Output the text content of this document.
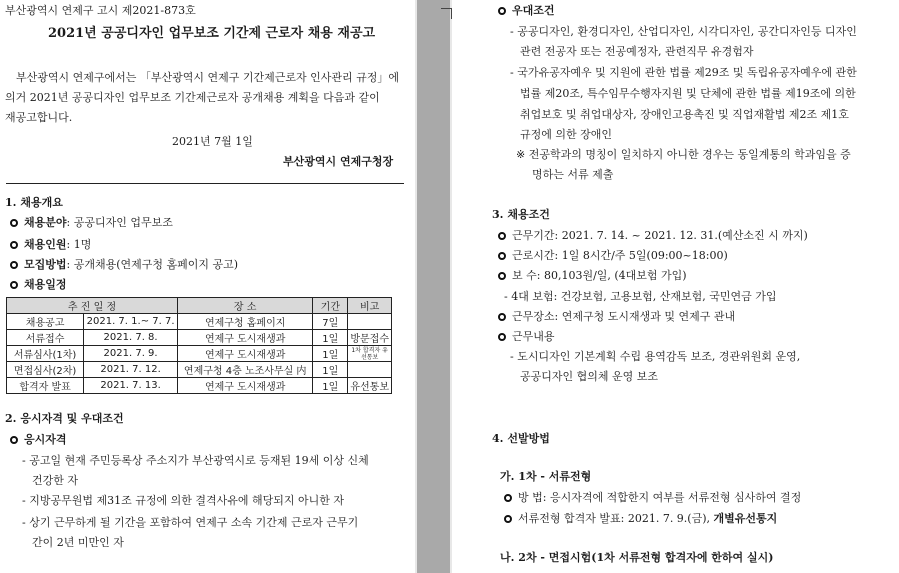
부산광역시 연제구 고시 제2021-873호
2021년 공공디자인 업무보조 기간제 근로자 채용 재공고
부산광역시 연제구에서는 「부산광역시 연제구 기간제근로자 인사관리 규정」에
의거 2021년 공공디자인 업무보조 기간제근로자 공개채용 계획을 다음과 같이
재공고합니다.
2021년 7월 1일
부산광역시 연제구청장
1. 채용개요
채용분야: 공공디자인 업무보조
채용인원: 1명
모집방법: 공개채용(연제구청 홈페이지 공고)
채용일정
추 진 일 정		장 소	기간	비고
채용공고	2021. 7. 1.~ 7. 7.	연제구청 홈페이지	7일	
서류접수	2021. 7. 8.	연제구 도시재생과	1일	방문접수
서류심사(1차)	2021. 7. 9.	연제구 도시재생과	1일	1차 합격자 유선통보
면접심사(2차)	2021. 7. 12.	연제구청 4층 노조사무실 内	1일	
합격자 발표	2021. 7. 13.	연제구 도시재생과	1일	유선통보
2. 응시자격 및 우대조건
응시자격
- 공고일 현재 주민등록상 주소지가 부산광역시로 등재된 19세 이상 신체
건강한 자
- 지방공무원법 제31조 규정에 의한 결격사유에 해당되지 아니한 자
- 상기 근무하게 될 기간을 포함하여 연제구 소속 기간제 근로자 근무기
간이 2년 미만인 자
우대조건
- 공공디자인, 환경디자인, 산업디자인, 시각디자인, 공간디자인등 디자인
관련 전공자 또는 전공예정자, 관련직무 유경험자
- 국가유공자예우 및 지원에 관한 법률 제29조 및 독립유공자예우에 관한
법률 제20조, 특수임무수행자지원 및 단체에 관한 법률 제19조에 의한
취업보호 및 취업대상자, 장애인고용촉진 및 직업재활법 제2조 제1호
규정에 의한 장애인
※ 전공학과의 명칭이 일치하지 아니한 경우는 동일계통의 학과임을 증
명하는 서류 제출
3. 채용조건
근무기간: 2021. 7. 14. ~ 2021. 12. 31.(예산소진 시 까지)
근로시간: 1일 8시간/주 5일(09:00~18:00)
보 수: 80,103원/일, (4대보험 가입)
- 4대 보험: 건강보험, 고용보험, 산재보험, 국민연금 가입
근무장소: 연제구청 도시재생과 및 연제구 관내
근무내용
- 도시디자인 기본계획 수립 용역감독 보조, 경관위원회 운영,
공공디자인 협의체 운영 보조
4. 선발방법
가. 1차 - 서류전형
방 법: 응시자격에 적합한지 여부를 서류전형 심사하여 결정
서류전형 합격자 발표: 2021. 7. 9.(금), 개별유선통지
나. 2차 - 면접시험(1차 서류전형 합격자에 한하여 실시)
